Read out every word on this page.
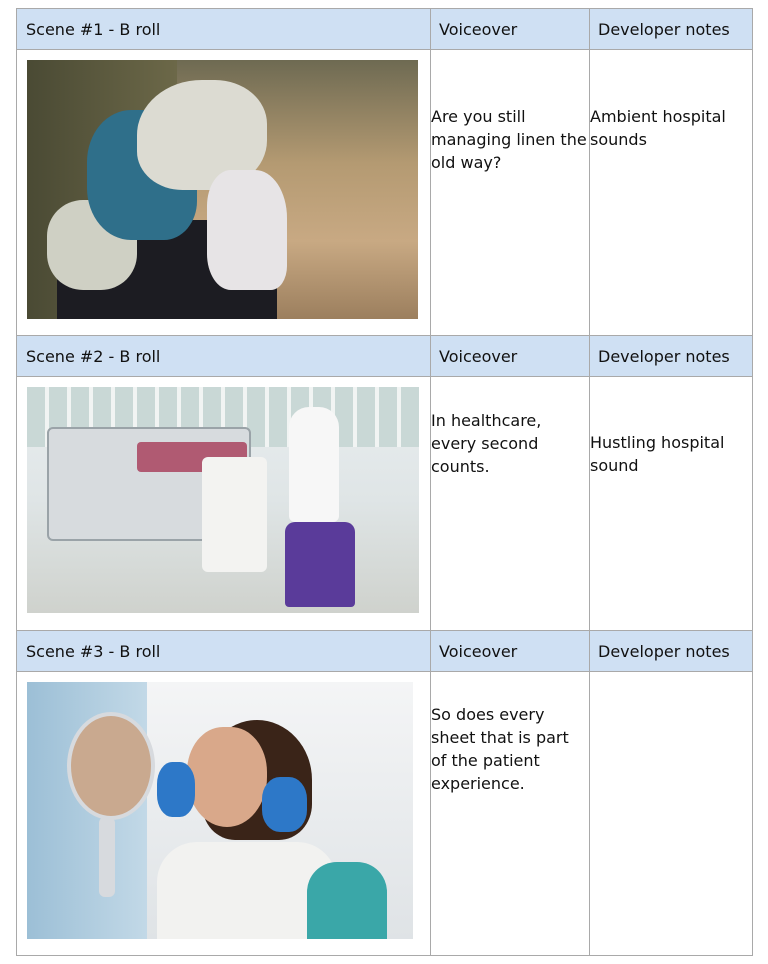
Scene #1 - B roll	Voiceover	Developer notes

	Are you still managing linen the old way?	Ambient hospital sounds

Scene #2 - B roll	Voiceover	Developer notes

	In healthcare, every second counts.	Hustling hospital sound

Scene #3 - B roll	Voiceover	Developer notes

	So does every sheet that is part of the patient experience.	
